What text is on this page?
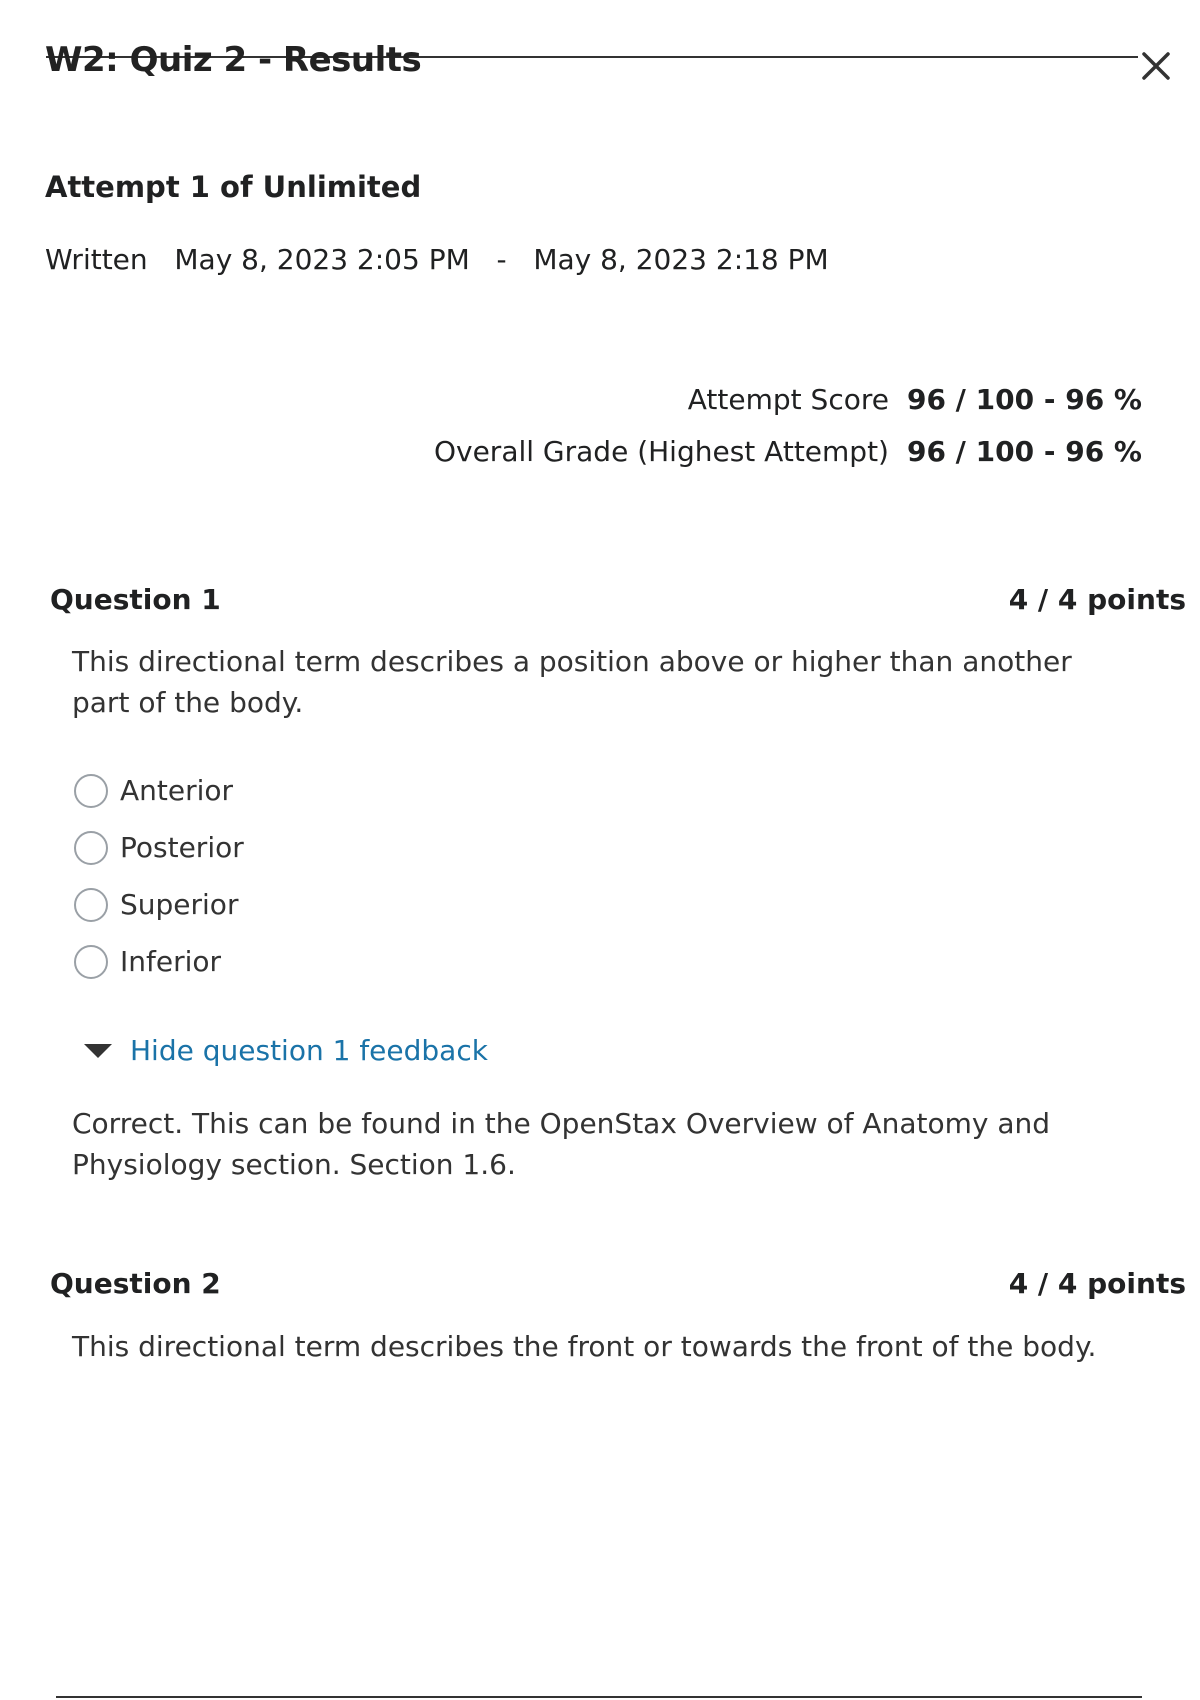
W2: Quiz 2 - Results
Attempt 1 of Unlimited
Written May 8, 2023 2:05 PM - May 8, 2023 2:18 PM
Attempt Score	96 / 100 - 96 %
Overall Grade (Highest Attempt)	96 / 100 - 96 %
Question 1	4 / 4 points

This directional term describes a position above or higher than another part of the body.

Anterior
Posterior
Superior
Inferior
Hide question 1 feedback

Correct. This can be found in the OpenStax Overview of Anatomy and Physiology section. Section 1.6.

Question 2	4 / 4 points

This directional term describes the front or towards the front of the body.
